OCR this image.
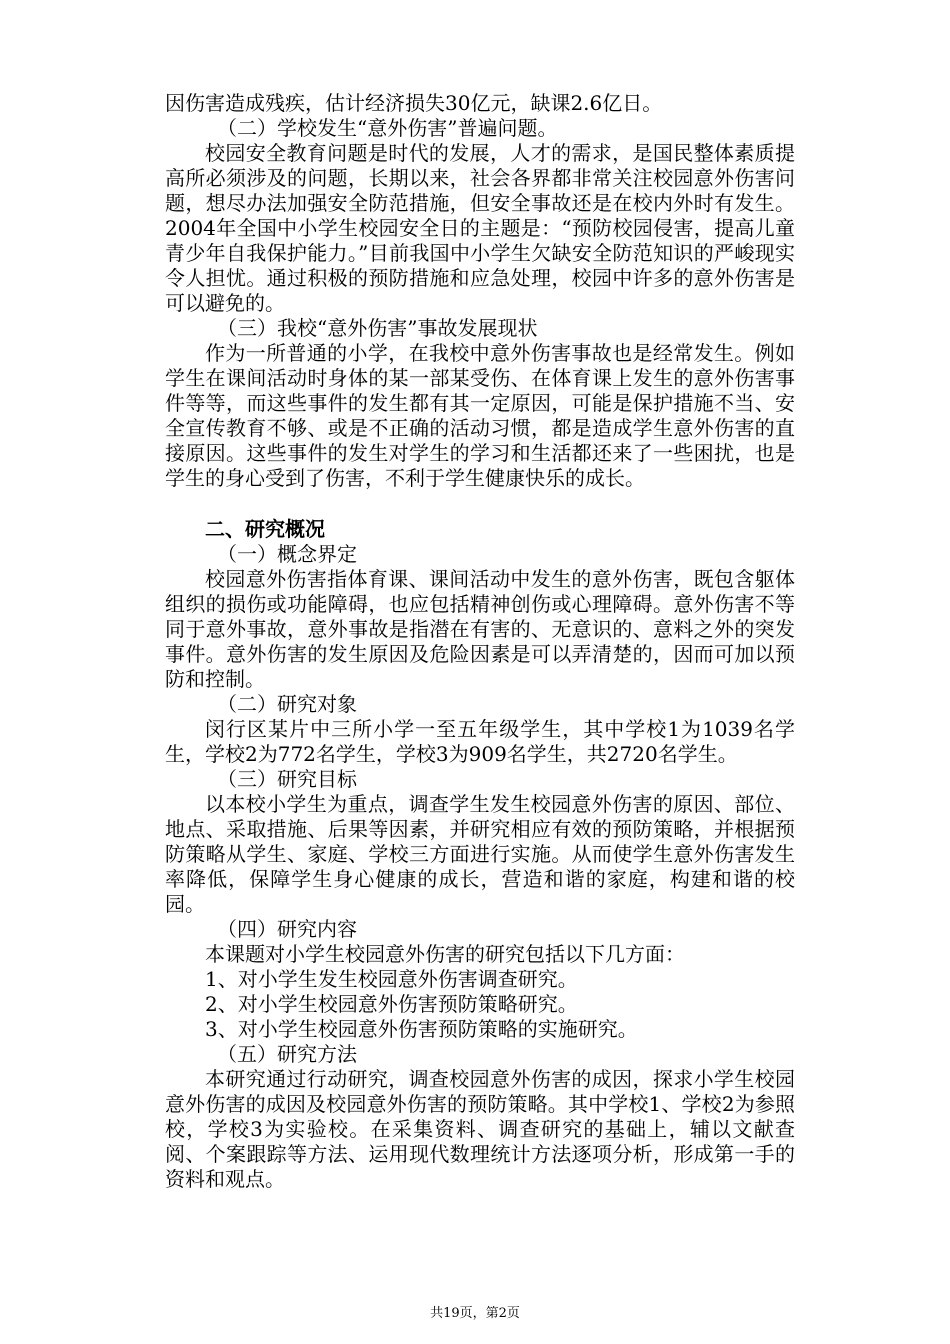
因伤害造成残疾，估计经济损失30亿元，缺课2.6亿日。

（二）学校发生“意外伤害”普遍问题。

校园安全教育问题是时代的发展，人才的需求，是国民整体素质提高所必须涉及的问题，长期以来，社会各界都非常关注校园意外伤害问题，想尽办法加强安全防范措施，但安全事故还是在校内外时有发生。2004年全国中小学生校园安全日的主题是：“预防校园侵害，提高儿童青少年自我保护能力。”目前我国中小学生欠缺安全防范知识的严峻现实令人担忧。通过积极的预防措施和应急处理，校园中许多的意外伤害是可以避免的。

（三）我校“意外伤害”事故发展现状

作为一所普通的小学，在我校中意外伤害事故也是经常发生。例如学生在课间活动时身体的某一部某受伤、在体育课上发生的意外伤害事件等等，而这些事件的发生都有其一定原因，可能是保护措施不当、安全宣传教育不够、或是不正确的活动习惯，都是造成学生意外伤害的直接原因。这些事件的发生对学生的学习和生活都还来了一些困扰，也是学生的身心受到了伤害，不利于学生健康快乐的成长。

二、研究概况

（一）概念界定

校园意外伤害指体育课、课间活动中发生的意外伤害，既包含躯体组织的损伤或功能障碍，也应包括精神创伤或心理障碍。意外伤害不等同于意外事故，意外事故是指潜在有害的、无意识的、意料之外的突发事件。意外伤害的发生原因及危险因素是可以弄清楚的，因而可加以预防和控制。

（二）研究对象

闵行区某片中三所小学一至五年级学生，其中学校1为1039名学生，学校2为772名学生，学校3为909名学生，共2720名学生。

（三）研究目标

以本校小学生为重点，调查学生发生校园意外伤害的原因、部位、地点、采取措施、后果等因素，并研究相应有效的预防策略，并根据预防策略从学生、家庭、学校三方面进行实施。从而使学生意外伤害发生率降低，保障学生身心健康的成长，营造和谐的家庭，构建和谐的校园。

（四）研究内容

本课题对小学生校园意外伤害的研究包括以下几方面：

1、对小学生发生校园意外伤害调查研究。

2、对小学生校园意外伤害预防策略研究。

3、对小学生校园意外伤害预防策略的实施研究。

（五）研究方法

本研究通过行动研究，调查校园意外伤害的成因，探求小学生校园意外伤害的成因及校园意外伤害的预防策略。其中学校1、学校2为参照校，学校3为实验校。在采集资料、调查研究的基础上，辅以文献查阅、个案跟踪等方法、运用现代数理统计方法逐项分析，形成第一手的资料和观点。

共19页，第2页
